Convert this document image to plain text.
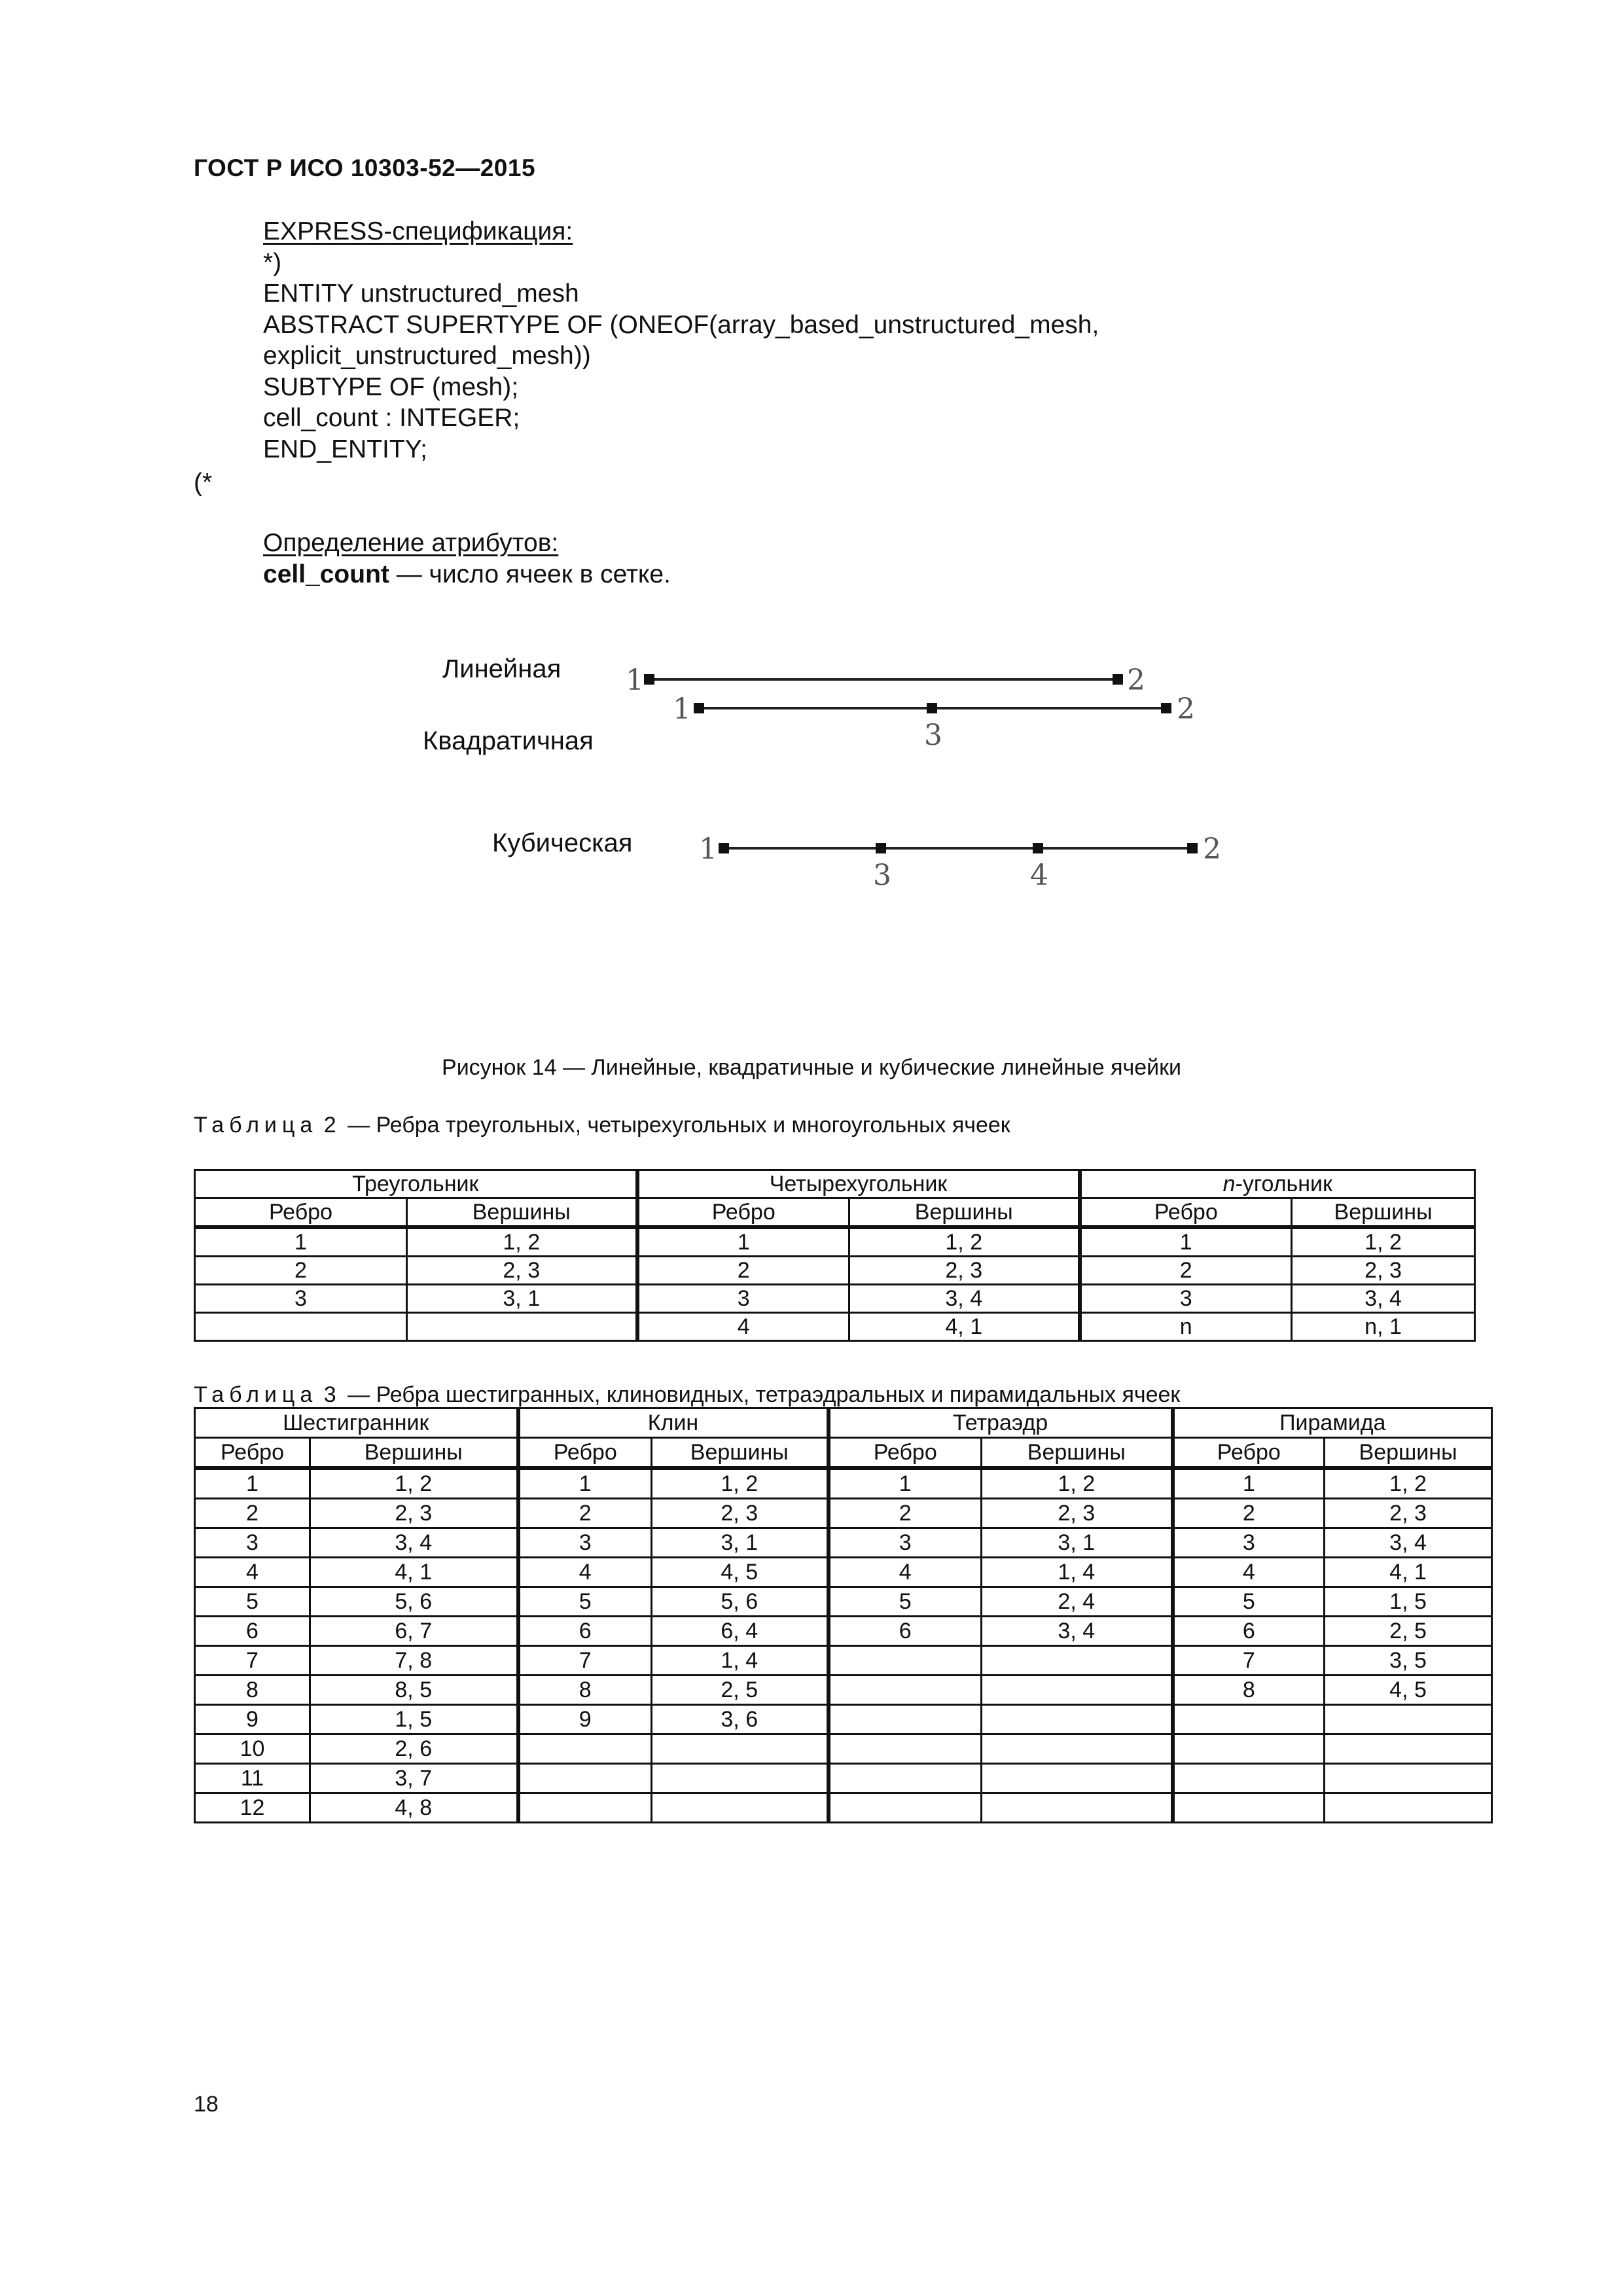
ГОСТ Р ИСО 10303-52—2015
EXPRESS-спецификация:
*)
ENTITY unstructured_mesh
ABSTRACT SUPERTYPE OF (ONEOF(array_based_unstructured_mesh,
explicit_unstructured_mesh))
SUBTYPE OF (mesh);
cell_count : INTEGER;
END_ENTITY;
(*
Определение атрибутов:
cell_count — число ячеек в сетке.
Линейная
Квадратичная
Кубическая
1	2
1
3
2
1
3	4
2
Рисунок 14 — Линейные, квадратичные и кубические линейные ячейки
Таблица 2 — Ребра треугольных, четырехугольных и многоугольных ячеек
Треугольник		Четырехугольник		n-угольник	
Ребро	Вершины	Ребро	Вершины	Ребро	Вершины
1	1, 2	1	1, 2	1	1, 2
2	2, 3	2	2, 3	2	2, 3
3	3, 1	3	3, 4	3	3, 4
		4	4, 1	n	n, 1
Таблица 3 — Ребра шестигранных, клиновидных, тетраэдральных и пирамидальных ячеек
Шестигранник		Клин		Тетраэдр		Пирамида	
Ребро	Вершины	Ребро	Вершины	Ребро	Вершины	Ребро	Вершины
1	1, 2	1	1, 2	1	1, 2	1	1, 2
2	2, 3	2	2, 3	2	2, 3	2	2, 3
3	3, 4	3	3, 1	3	3, 1	3	3, 4
4	4, 1	4	4, 5	4	1, 4	4	4, 1
5	5, 6	5	5, 6	5	2, 4	5	1, 5
6	6, 7	6	6, 4	6	3, 4	6	2, 5
7	7, 8	7	1, 4			7	3, 5
8	8, 5	8	2, 5			8	4, 5
9	1, 5	9	3, 6				
10	2, 6						
11	3, 7						
12	4, 8						
18
